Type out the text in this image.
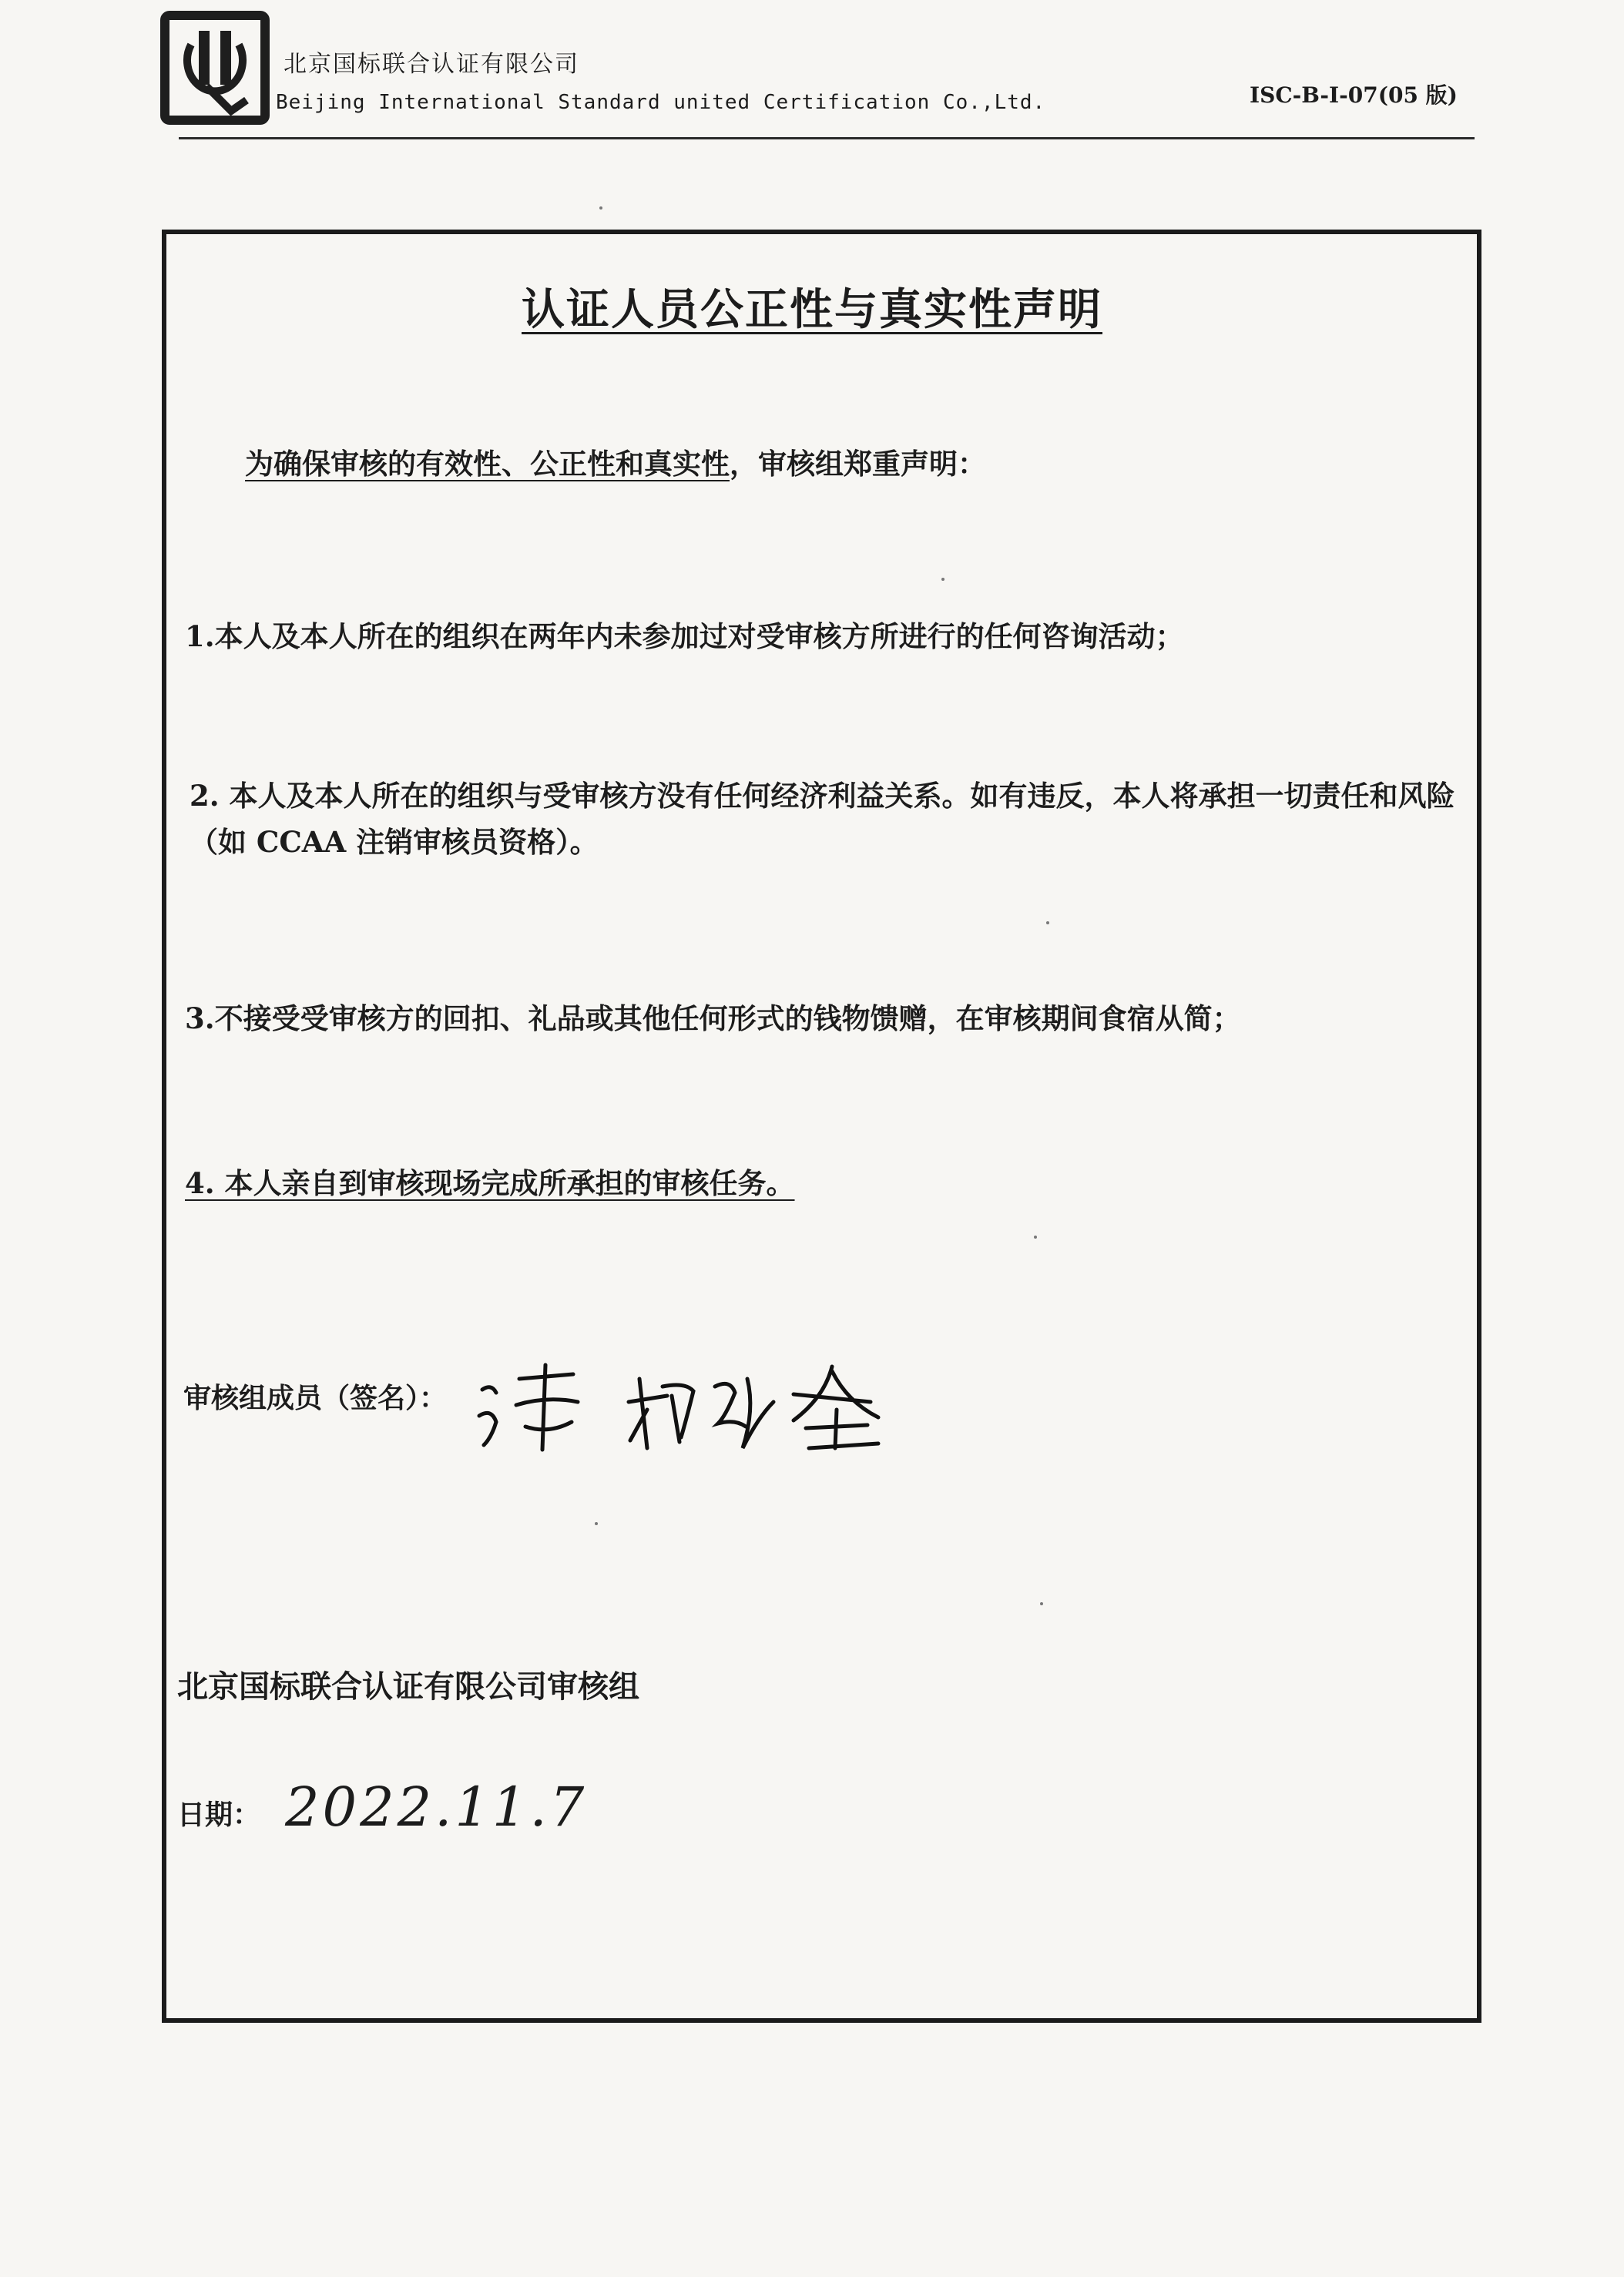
北京国标联合认证有限公司
Beijing International Standard united Certification Co.,Ltd.	ISC-B-I-07(05 版)
认证人员公正性与真实性声明
为确保审核的有效性、公正性和真实性，审核组郑重声明：
1.本人及本人所在的组织在两年内未参加过对受审核方所进行的任何咨询活动；
2. 本人及本人所在的组织与受审核方没有任何经济利益关系。如有违反，本人将承担一切责任和风险（如 CCAA 注销审核员资格）。
3.不接受受审核方的回扣、礼品或其他任何形式的钱物馈赠，在审核期间食宿从简；
4. 本人亲自到审核现场完成所承担的审核任务。
审核组成员（签名）：
北京国标联合认证有限公司审核组
日期： 2022.11.7
